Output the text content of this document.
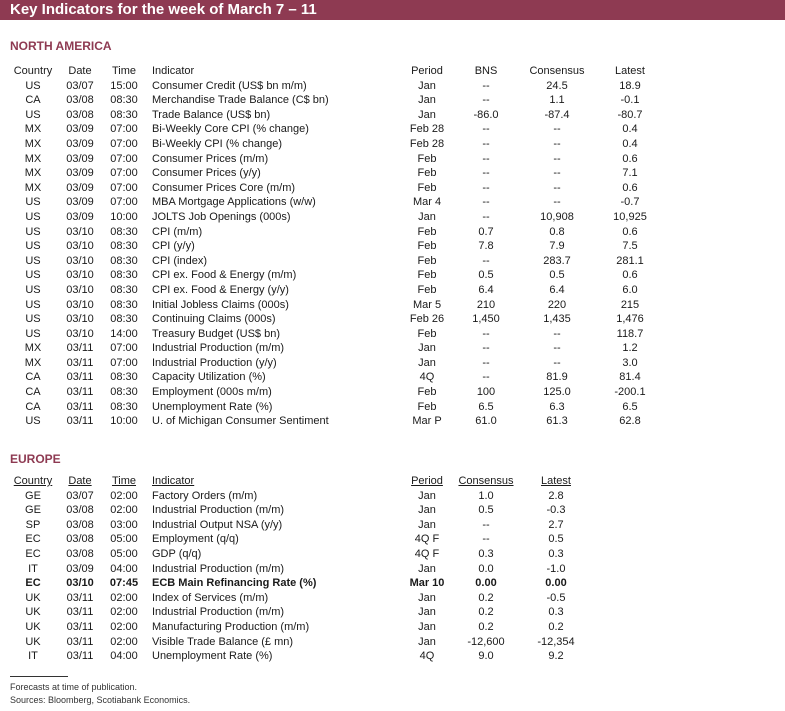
Key Indicators for the week of March 7 – 11
NORTH AMERICA
Country	Date	Time	Indicator	Period	BNS	Consensus	Latest
US	03/07	15:00	Consumer Credit (US$ bn m/m)	Jan	--	24.5	18.9
CA	03/08	08:30	Merchandise Trade Balance (C$ bn)	Jan	--	1.1	-0.1
US	03/08	08:30	Trade Balance (US$ bn)	Jan	-86.0	-87.4	-80.7
MX	03/09	07:00	Bi-Weekly Core CPI (% change)	Feb 28	--	--	0.4
MX	03/09	07:00	Bi-Weekly CPI (% change)	Feb 28	--	--	0.4
MX	03/09	07:00	Consumer Prices (m/m)	Feb	--	--	0.6
MX	03/09	07:00	Consumer Prices (y/y)	Feb	--	--	7.1
MX	03/09	07:00	Consumer Prices Core (m/m)	Feb	--	--	0.6
US	03/09	07:00	MBA Mortgage Applications (w/w)	Mar 4	--	--	-0.7
US	03/09	10:00	JOLTS Job Openings (000s)	Jan	--	10,908	10,925
US	03/10	08:30	CPI (m/m)	Feb	0.7	0.8	0.6
US	03/10	08:30	CPI (y/y)	Feb	7.8	7.9	7.5
US	03/10	08:30	CPI (index)	Feb	--	283.7	281.1
US	03/10	08:30	CPI ex. Food & Energy (m/m)	Feb	0.5	0.5	0.6
US	03/10	08:30	CPI ex. Food & Energy (y/y)	Feb	6.4	6.4	6.0
US	03/10	08:30	Initial Jobless Claims (000s)	Mar 5	210	220	215
US	03/10	08:30	Continuing Claims (000s)	Feb 26	1,450	1,435	1,476
US	03/10	14:00	Treasury Budget (US$ bn)	Feb	--	--	118.7
MX	03/11	07:00	Industrial Production (m/m)	Jan	--	--	1.2
MX	03/11	07:00	Industrial Production (y/y)	Jan	--	--	3.0
CA	03/11	08:30	Capacity Utilization (%)	4Q	--	81.9	81.4
CA	03/11	08:30	Employment (000s m/m)	Feb	100	125.0	-200.1
CA	03/11	08:30	Unemployment Rate (%)	Feb	6.5	6.3	6.5
US	03/11	10:00	U. of Michigan Consumer Sentiment	Mar P	61.0	61.3	62.8
EUROPE
Country	Date	Time	Indicator	Period	Consensus	Latest
GE	03/07	02:00	Factory Orders (m/m)	Jan	1.0	2.8
GE	03/08	02:00	Industrial Production (m/m)	Jan	0.5	-0.3
SP	03/08	03:00	Industrial Output NSA (y/y)	Jan	--	2.7
EC	03/08	05:00	Employment (q/q)	4Q F	--	0.5
EC	03/08	05:00	GDP (q/q)	4Q F	0.3	0.3
IT	03/09	04:00	Industrial Production (m/m)	Jan	0.0	-1.0
EC	03/10	07:45	ECB Main Refinancing Rate (%)	Mar 10	0.00	0.00
UK	03/11	02:00	Index of Services (m/m)	Jan	0.2	-0.5
UK	03/11	02:00	Industrial Production (m/m)	Jan	0.2	0.3
UK	03/11	02:00	Manufacturing Production (m/m)	Jan	0.2	0.2
UK	03/11	02:00	Visible Trade Balance (£ mn)	Jan	-12,600	-12,354
IT	03/11	04:00	Unemployment Rate (%)	4Q	9.0	9.2
Forecasts at time of publication.
Sources: Bloomberg, Scotiabank Economics.
